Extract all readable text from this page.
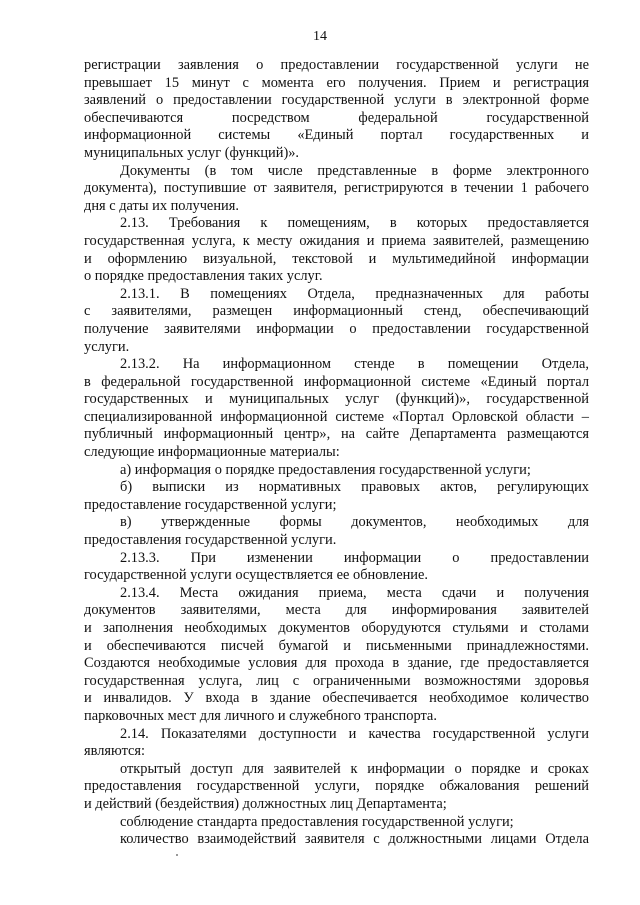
14

регистрации заявления о предоставлении государственной услуги не

превышает 15 минут с момента его получения. Прием и регистрация

заявлений о предоставлении государственной услуги в электронной форме

обеспечиваются посредством федеральной государственной

информационной системы «Единый портал государственных и

муниципальных услуг (функций)».

Документы (в том числе представленные в форме электронного

документа), поступившие от заявителя, регистрируются в течении 1 рабочего

дня с даты их получения.

2.13. Требования к помещениям, в которых предоставляется

государственная услуга, к месту ожидания и приема заявителей, размещению

и оформлению визуальной, текстовой и мультимедийной информации

о порядке предоставления таких услуг.

2.13.1. В помещениях Отдела, предназначенных для работы

с заявителями, размещен информационный стенд, обеспечивающий

получение заявителями информации о предоставлении государственной

услуги.

2.13.2. На информационном стенде в помещении Отдела,

в федеральной государственной информационной системе «Единый портал

государственных и муниципальных услуг (функций)», государственной

специализированной информационной системе «Портал Орловской области –

публичный информационный центр», на сайте Департамента размещаются

следующие информационные материалы:

а) информация о порядке предоставления государственной услуги;

б) выписки из нормативных правовых актов, регулирующих

предоставление государственной услуги;

в) утвержденные формы документов, необходимых для

предоставления государственной услуги.

2.13.3. При изменении информации о предоставлении

государственной услуги осуществляется ее обновление.

2.13.4. Места ожидания приема, места сдачи и получения

документов заявителями, места для информирования заявителей

и заполнения необходимых документов оборудуются стульями и столами

и обеспечиваются писчей бумагой и письменными принадлежностями.

Создаются необходимые условия для прохода в здание, где предоставляется

государственная услуга, лиц с ограниченными возможностями здоровья

и инвалидов. У входа в здание обеспечивается необходимое количество

парковочных мест для личного и служебного транспорта.

2.14. Показателями доступности и качества государственной услуги

являются:

открытый доступ для заявителей к информации о порядке и сроках

предоставления государственной услуги, порядке обжалования решений

и действий (бездействия) должностных лиц Департамента;

соблюдение стандарта предоставления государственной услуги;

количество взаимодействий заявителя с должностными лицами Отдела
